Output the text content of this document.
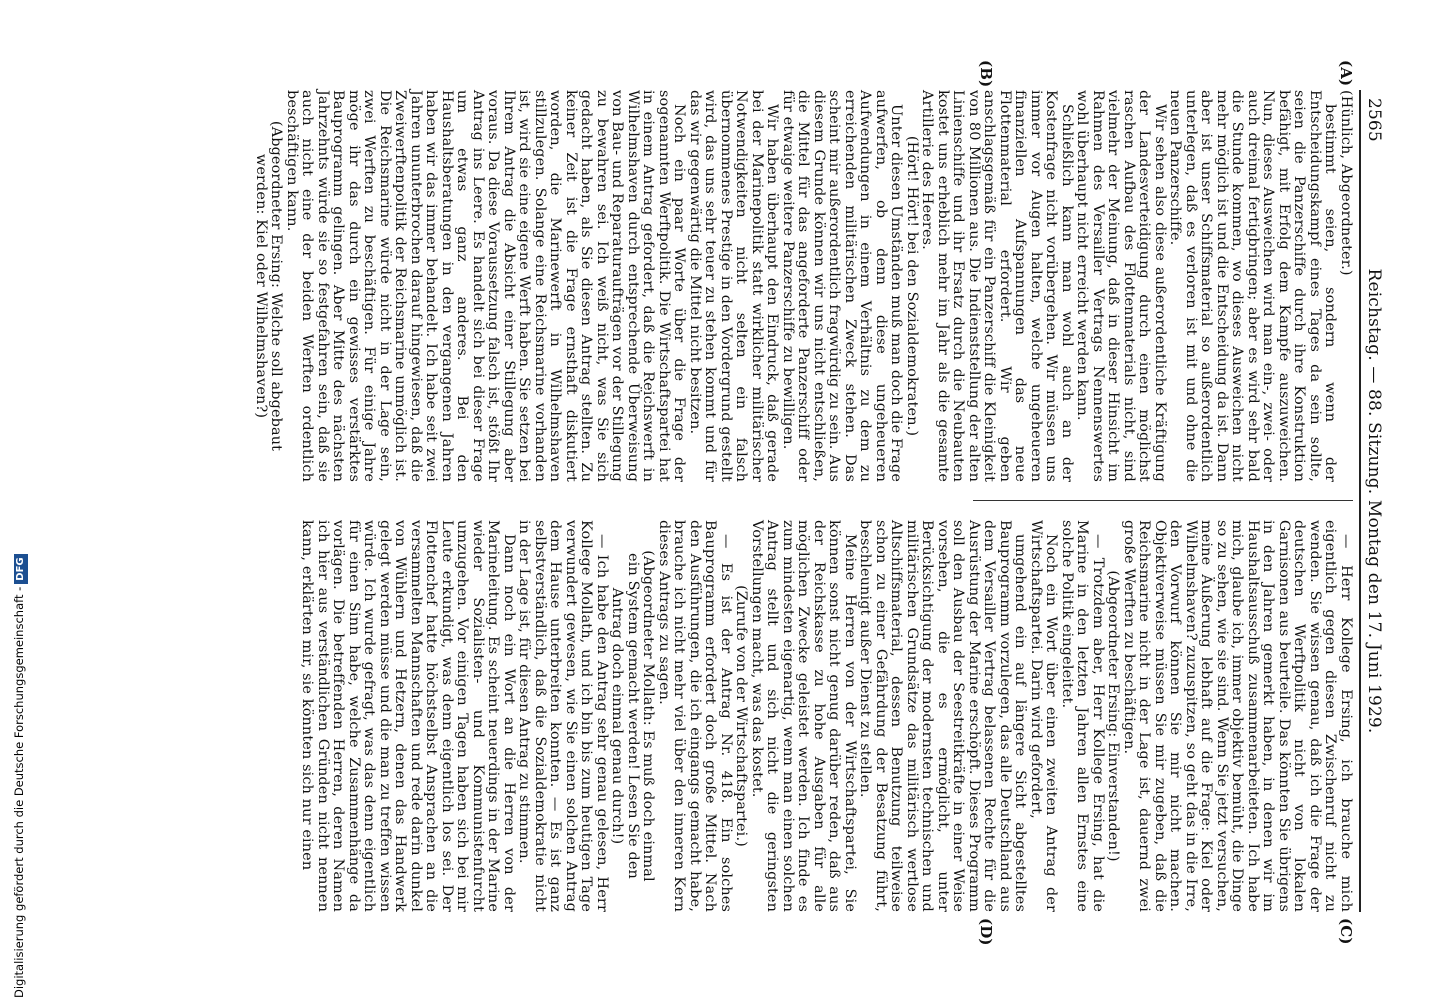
2565
Reichstag. — 88. Sitzung. Montag den 17. Juni 1929.
(A)
(B)
(C)
(D)

(Hünlich, Abgeordneter.)

bestimmt seien, sondern wenn der Entscheidungskampf eines Tages da sein sollte, seien die Panzerschiffe durch ihre Konstruktion befähigt, mit Erfolg dem Kampfe auszuweichen. Nun, dieses Ausweichen wird man ein-, zwei- oder auch dreimal fertigbringen; aber es wird sehr bald die Stunde kommen, wo dieses Ausweichen nicht mehr möglich ist und die Entscheidung da ist. Dann aber ist unser Schiffsmaterial so außerordentlich unterlegen, daß es verloren ist mit und ohne die neuen Panzerschiffe.

Wir sehen also diese außerordentliche Kräftigung der Landesverteidigung durch einen möglichst raschen Aufbau des Flottenmaterials nicht, sind vielmehr der Meinung, daß in dieser Hinsicht im Rahmen des Versailler Vertrags Nennenswertes wohl überhaupt nicht erreicht werden kann.

Schließlich kann man wohl auch an der Kostenfrage nicht vorübergehen. Wir müssen uns immer vor Augen halten, welche ungeheueren finanziellen Aufspannungen das neue Flottenmaterial erfordert. Wir geben anschlagsgemäß für ein Panzerschiff die Kleinigkeit von 80 Millionen aus. Die Indienststellung der alten Linienschiffe und ihr Ersatz durch die Neubauten kostet uns erheblich mehr im Jahr als die gesamte Artillerie des Heeres.

(Hört! Hört! bei den Sozialdemokraten.)

Unter diesen Umständen muß man doch die Frage aufwerfen, ob denn diese ungeheueren Aufwendungen in einem Verhältnis zu dem zu erreichenden militärischen Zweck stehen. Das scheint mir außerordentlich fragwürdig zu sein. Aus diesem Grunde können wir uns nicht entschließen, die Mittel für das angeforderte Panzerschiff oder für etwaige weitere Panzerschiffe zu bewilligen.

Wir haben überhaupt den Eindruck, daß gerade bei der Marinepolitik statt wirklicher militärischer Notwendigkeiten nicht selten ein falsch übernommenes Prestige in den Vordergrund gestellt wird, das uns sehr teuer zu stehen kommt und für das wir gegenwärtig die Mittel nicht besitzen.

Noch ein paar Worte über die Frage der sogenannten Werftpolitik. Die Wirtschaftspartei hat in einem Antrag gefordert, daß die Reichswerft in Wilhelmshaven durch entsprechende Überweisung von Bau- und Reparaturaufträgen vor der Stillegung zu bewahren sei. Ich weiß nicht, was Sie sich gedacht haben, als Sie diesen Antrag stellten. Zu keiner Zeit ist die Frage ernsthaft diskutiert worden, die Marinewerft in Wilhelmshaven stillzulegen. Solange eine Reichsmarine vorhanden ist, wird sie eine eigene Werft haben. Sie setzen bei Ihrem Antrag die Absicht einer Stillegung aber voraus. Da diese Voraussetzung falsch ist, stößt Ihr Antrag ins Leere. Es handelt sich bei dieser Frage um etwas ganz anderes. Bei den Haushaltsberatungen in den vergangenen Jahren haben wir das immer behandelt. Ich habe seit zwei Jahren ununterbrochen darauf hingewiesen, daß die Zweiwerftenpolitik der Reichsmarine unmöglich ist. Die Reichsmarine würde nicht in der Lage sein, zwei Werften zu beschäftigen. Für einige Jahre möge ihr das durch ein gewisses verstärktes Bauprogramm gelingen. Aber Mitte des nächsten Jahrzehnts würde sie so festgefahren sein, daß sie auch nicht eine der beiden Werften ordentlich beschäftigen kann.

(Abgeordneter Ersing: Welche soll abgebaut werden: Kiel oder Wilhelmshaven?)

— Herr Kollege Ersing, ich brauche mich eigentlich gegen diesen Zwischenruf nicht zu wenden. Sie wissen genau, daß ich die Frage der deutschen Werftpolitik nicht von lokalen Garnisonen aus beurteile. Das könnten Sie übrigens in den Jahren gemerkt haben, in denen wir im Haushaltsausschuß zusammenarbeiteten. Ich habe mich, glaube ich, immer objektiv bemüht, die Dinge so zu sehen, wie sie sind. Wenn Sie jetzt versuchen, meine Äußerung lebhaft auf die Frage: Kiel oder Wilhelmshaven? zuzuspitzen, so geht das in die Irre, den Vorwurf können Sie mir nicht machen. Objektiverweise müssen Sie mir zugeben, daß die Reichsmarine nicht in der Lage ist, dauernd zwei große Werften zu beschäftigen.

(Abgeordneter Ersing: Einverstanden!)

— Trotzdem aber, Herr Kollege Ersing, hat die Marine in den letzten Jahren allen Ernstes eine solche Politik eingeleitet.

Noch ein Wort über einen zweiten Antrag der Wirtschaftspartei. Darin wird gefordert,

umgehend ein auf längere Sicht abgestelltes Bauprogramm vorzulegen, das alle Deutschland aus dem Versailler Vertrag belassenen Rechte für die Ausrüstung der Marine erschöpft. Dieses Programm soll den Ausbau der Seestreitkräfte in einer Weise vorsehen, die es ermöglicht, unter Berücksichtigung der modernsten technischen und militärischen Grundsätze das militärisch wertlose Altschiffsmaterial, dessen Benutzung teilweise schon zu einer Gefährdung der Besatzung führt, beschleunigt außer Dienst zu stellen.

Meine Herren von der Wirtschaftspartei, Sie können sonst nicht genug darüber reden, daß aus der Reichskasse zu hohe Ausgaben für alle möglichen Zwecke geleistet werden. Ich finde es zum mindesten eigenartig, wenn man einen solchen Antrag stellt und sich nicht die geringsten Vorstellungen macht, was das kostet.

(Zurufe von der Wirtschaftspartei.)

— Es ist der Antrag Nr. 418. Ein solches Bauprogramm erfordert doch große Mittel. Nach den Ausführungen, die ich eingangs gemacht habe, brauche ich nicht mehr viel über den inneren Kern dieses Antrags zu sagen.

(Abgeordneter Mollath: Es muß doch einmal ein System gemacht werden! Lesen Sie den Antrag doch einmal genau durch!)

— Ich habe den Antrag sehr genau gelesen, Herr Kollege Mollath, und ich bin bis zum heutigen Tage verwundert gewesen, wie Sie einen solchen Antrag dem Hause unterbreiten konnten. — Es ist ganz selbstverständlich, daß die Sozialdemokratie nicht in der Lage ist, für diesen Antrag zu stimmen.

Dann noch ein Wort an die Herren von der Marineleitung. Es scheint neuerdings in der Marine wieder Sozialisten- und Kommunistenfurcht umzugehen. Vor einigen Tagen haben sich bei mir Leute erkundigt, was denn eigentlich los sei. Der Flottenchef hatte höchstselbst Ansprachen an die versammelten Mannschaften und rede darin dunkel von Wühlern und Hetzern, denen das Handwerk gelegt werden müsse und die man zu treffen wissen würde. Ich wurde gefragt, was das denn eigentlich für einen Sinn habe, welche Zusammenhänge da vorlägen. Die betreffenden Herren, deren Namen ich hier aus verständlichen Gründen nicht nennen kann, erklärten mir, sie könnten sich nur einen

Digitalisierung gefördert durch die Deutsche Forschungsgemeinschaft -DFG
